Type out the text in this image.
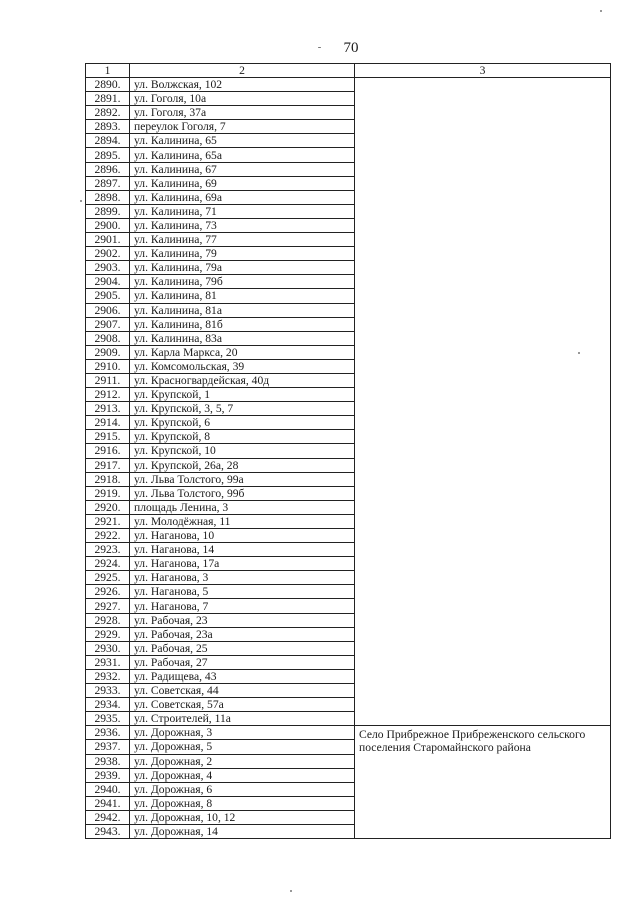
70
1	2	3
2890.	ул. Волжская, 102	
2891.	ул. Гоголя, 10а	
2892.	ул. Гоголя, 37а	
2893.	переулок Гоголя, 7	
2894.	ул. Калинина, 65	
2895.	ул. Калинина, 65а	
2896.	ул. Калинина, 67	
2897.	ул. Калинина, 69	
2898.	ул. Калинина, 69а	
2899.	ул. Калинина, 71	
2900.	ул. Калинина, 73	
2901.	ул. Калинина, 77	
2902.	ул. Калинина, 79	
2903.	ул. Калинина, 79а	
2904.	ул. Калинина, 79б	
2905.	ул. Калинина, 81	
2906.	ул. Калинина, 81а	
2907.	ул. Калинина, 81б	
2908.	ул. Калинина, 83а	
2909.	ул. Карла Маркса, 20	
2910.	ул. Комсомольская, 39	
2911.	ул. Красногвардейская, 40д	
2912.	ул. Крупской, 1	
2913.	ул. Крупской, 3, 5, 7	
2914.	ул. Крупской, 6	
2915.	ул. Крупской, 8	
2916.	ул. Крупской, 10	
2917.	ул. Крупской, 26а, 28	
2918.	ул. Льва Толстого, 99а	
2919.	ул. Льва Толстого, 99б	
2920.	площадь Ленина, 3	
2921.	ул. Молодёжная, 11	
2922.	ул. Наганова, 10	
2923.	ул. Наганова, 14	
2924.	ул. Наганова, 17а	
2925.	ул. Наганова, 3	
2926.	ул. Наганова, 5	
2927.	ул. Наганова, 7	
2928.	ул. Рабочая, 23	
2929.	ул. Рабочая, 23а	
2930.	ул. Рабочая, 25	
2931.	ул. Рабочая, 27	
2932.	ул. Радищева, 43	
2933.	ул. Советская, 44	
2934.	ул. Советская, 57а	
2935.	ул. Строителей, 11а	
2936.	ул. Дорожная, 3	Село Прибрежное Прибреженского сельского поселения Старомайнского района
2937.	ул. Дорожная, 5	
2938.	ул. Дорожная, 2	
2939.	ул. Дорожная, 4	
2940.	ул. Дорожная, 6	
2941.	ул. Дорожная, 8	
2942.	ул. Дорожная, 10, 12	
2943.	ул. Дорожная, 14	
